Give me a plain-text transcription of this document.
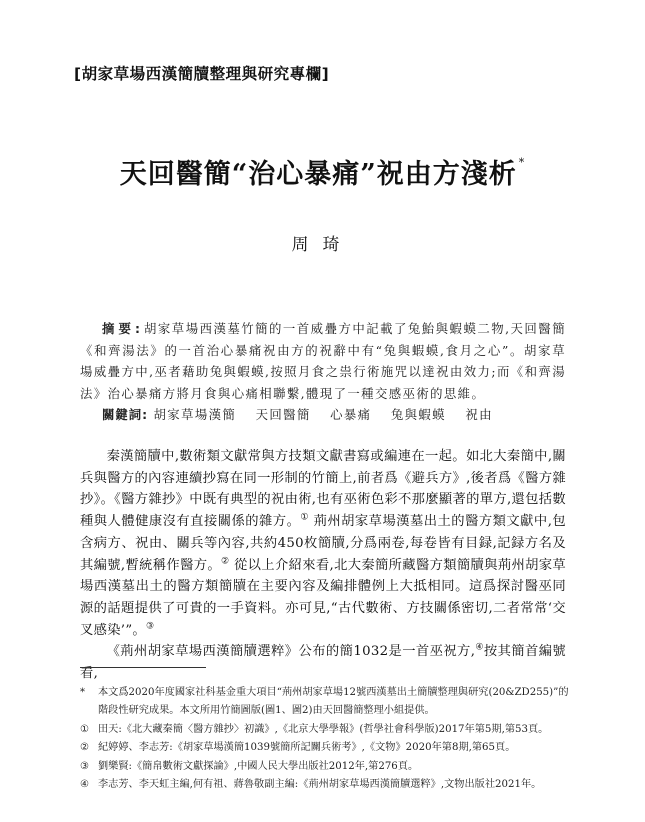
[胡家草場西漢簡牘整理與研究專欄]
天回醫簡“治心暴痛”祝由方淺析 *
周琦
摘要:胡家草場西漢墓竹簡的一首威疊方中記載了兔鮐與蝦蟆二物,天回醫簡《和齊湯法》的一首治心暴痛祝由方的祝辭中有“兔與蝦蟆,食月之心”。胡家草場威疊方中,巫者藉助兔與蝦蟆,按照月食之祟行術施咒以達祝由效力;而《和齊湯法》治心暴痛方將月食與心痛相聯繫,體現了一種交感巫術的思維。
關鍵詞: 胡家草場漢簡 天回醫簡 心暴痛 兔與蝦蟆 祝由

秦漢簡牘中,數術類文獻常與方技類文獻書寫或編連在一起。如北大秦簡中,關兵與醫方的內容連續抄寫在同一形制的竹簡上,前者爲《避兵方》,後者爲《醫方雜抄》。《醫方雜抄》中既有典型的祝由術,也有巫術色彩不那麼顯著的單方,還包括數種與人體健康沒有直接關係的雜方。① 荊州胡家草場漢墓出土的醫方類文獻中,包含病方、祝由、關兵等內容,共約450枚簡牘,分爲兩卷,每卷皆有目録,記録方名及其編號,暫統稱作醫方。② 從以上介紹來看,北大秦簡所藏醫方類簡牘與荊州胡家草場西漢墓出土的醫方類簡牘在主要內容及編排體例上大抵相同。這爲探討醫巫同源的話題提供了可貴的一手資料。亦可見,“古代數術、方技關係密切,二者常常‘交叉感染’”。③

《荊州胡家草場西漢簡牘選粹》公布的簡1032是一首巫祝方,④按其簡首編號看,

*	本文爲2020年度國家社科基金重大項目“荊州胡家草場12號西漢墓出土簡牘整理與研究(20&ZD255)”的階段性研究成果。本文所用竹簡圖版(圖1、圖2)由天回醫簡整理小組提供。
① 田天:《北大藏秦簡〈醫方雜抄〉初識》,《北京大學學報》(哲學社會科學版)2017年第5期,第53頁。
② 紀婷婷、李志芳:《胡家草場漢簡1039號簡所記關兵術考》,《文物》2020年第8期,第65頁。
③ 劉樂賢:《簡帛數術文獻探論》,中國人民大學出版社2012年,第276頁。
④ 李志芳、李天虹主編,何有祖、蔣魯敬副主編:《荊州胡家草場西漢簡牘選粹》,文物出版社2021年。
